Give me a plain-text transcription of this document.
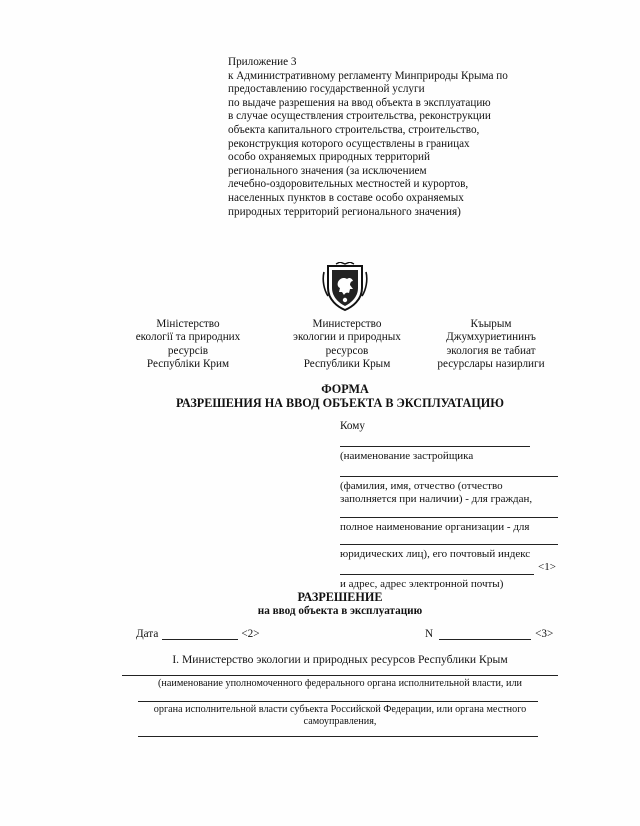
Приложение 3
к Административному регламенту Минприроды Крыма по
предоставлению государственной услуги
по выдаче разрешения на ввод объекта в эксплуатацию
в случае осуществления строительства, реконструкции
объекта капитального строительства, строительство,
реконструкция которого осуществлены в границах
особо охраняемых природных территорий
регионального значения (за исключением
лечебно-оздоровительных местностей и курортов,
населенных пунктов в составе особо охраняемых
природных территорий регионального значения)
Міністерство
екології та природних
ресурсів
Республіки Крим
Министерство
экологии и природных
ресурсов
Республики Крым
Къырым
Джумхуриетининъ
экология ве табиат
ресурслары назирлиги
ФОРМА
РАЗРЕШЕНИЯ НА ВВОД ОБЪЕКТА В ЭКСПЛУАТАЦИЮ
Кому
(наименование застройщика
(фамилия, имя, отчество (отчество
заполняется при наличии) - для граждан,
полное наименование организации - для
юридических лиц), его почтовый индекс
<1>
и адрес, адрес электронной почты)
РАЗРЕШЕНИЕ
на ввод объекта в эксплуатацию
Дата	<2>	N	<3>
I. Министерство экологии и природных ресурсов Республики Крым
(наименование уполномоченного федерального органа исполнительной власти, или
органа исполнительной власти субъекта Российской Федерации, или органа местного
самоуправления,
